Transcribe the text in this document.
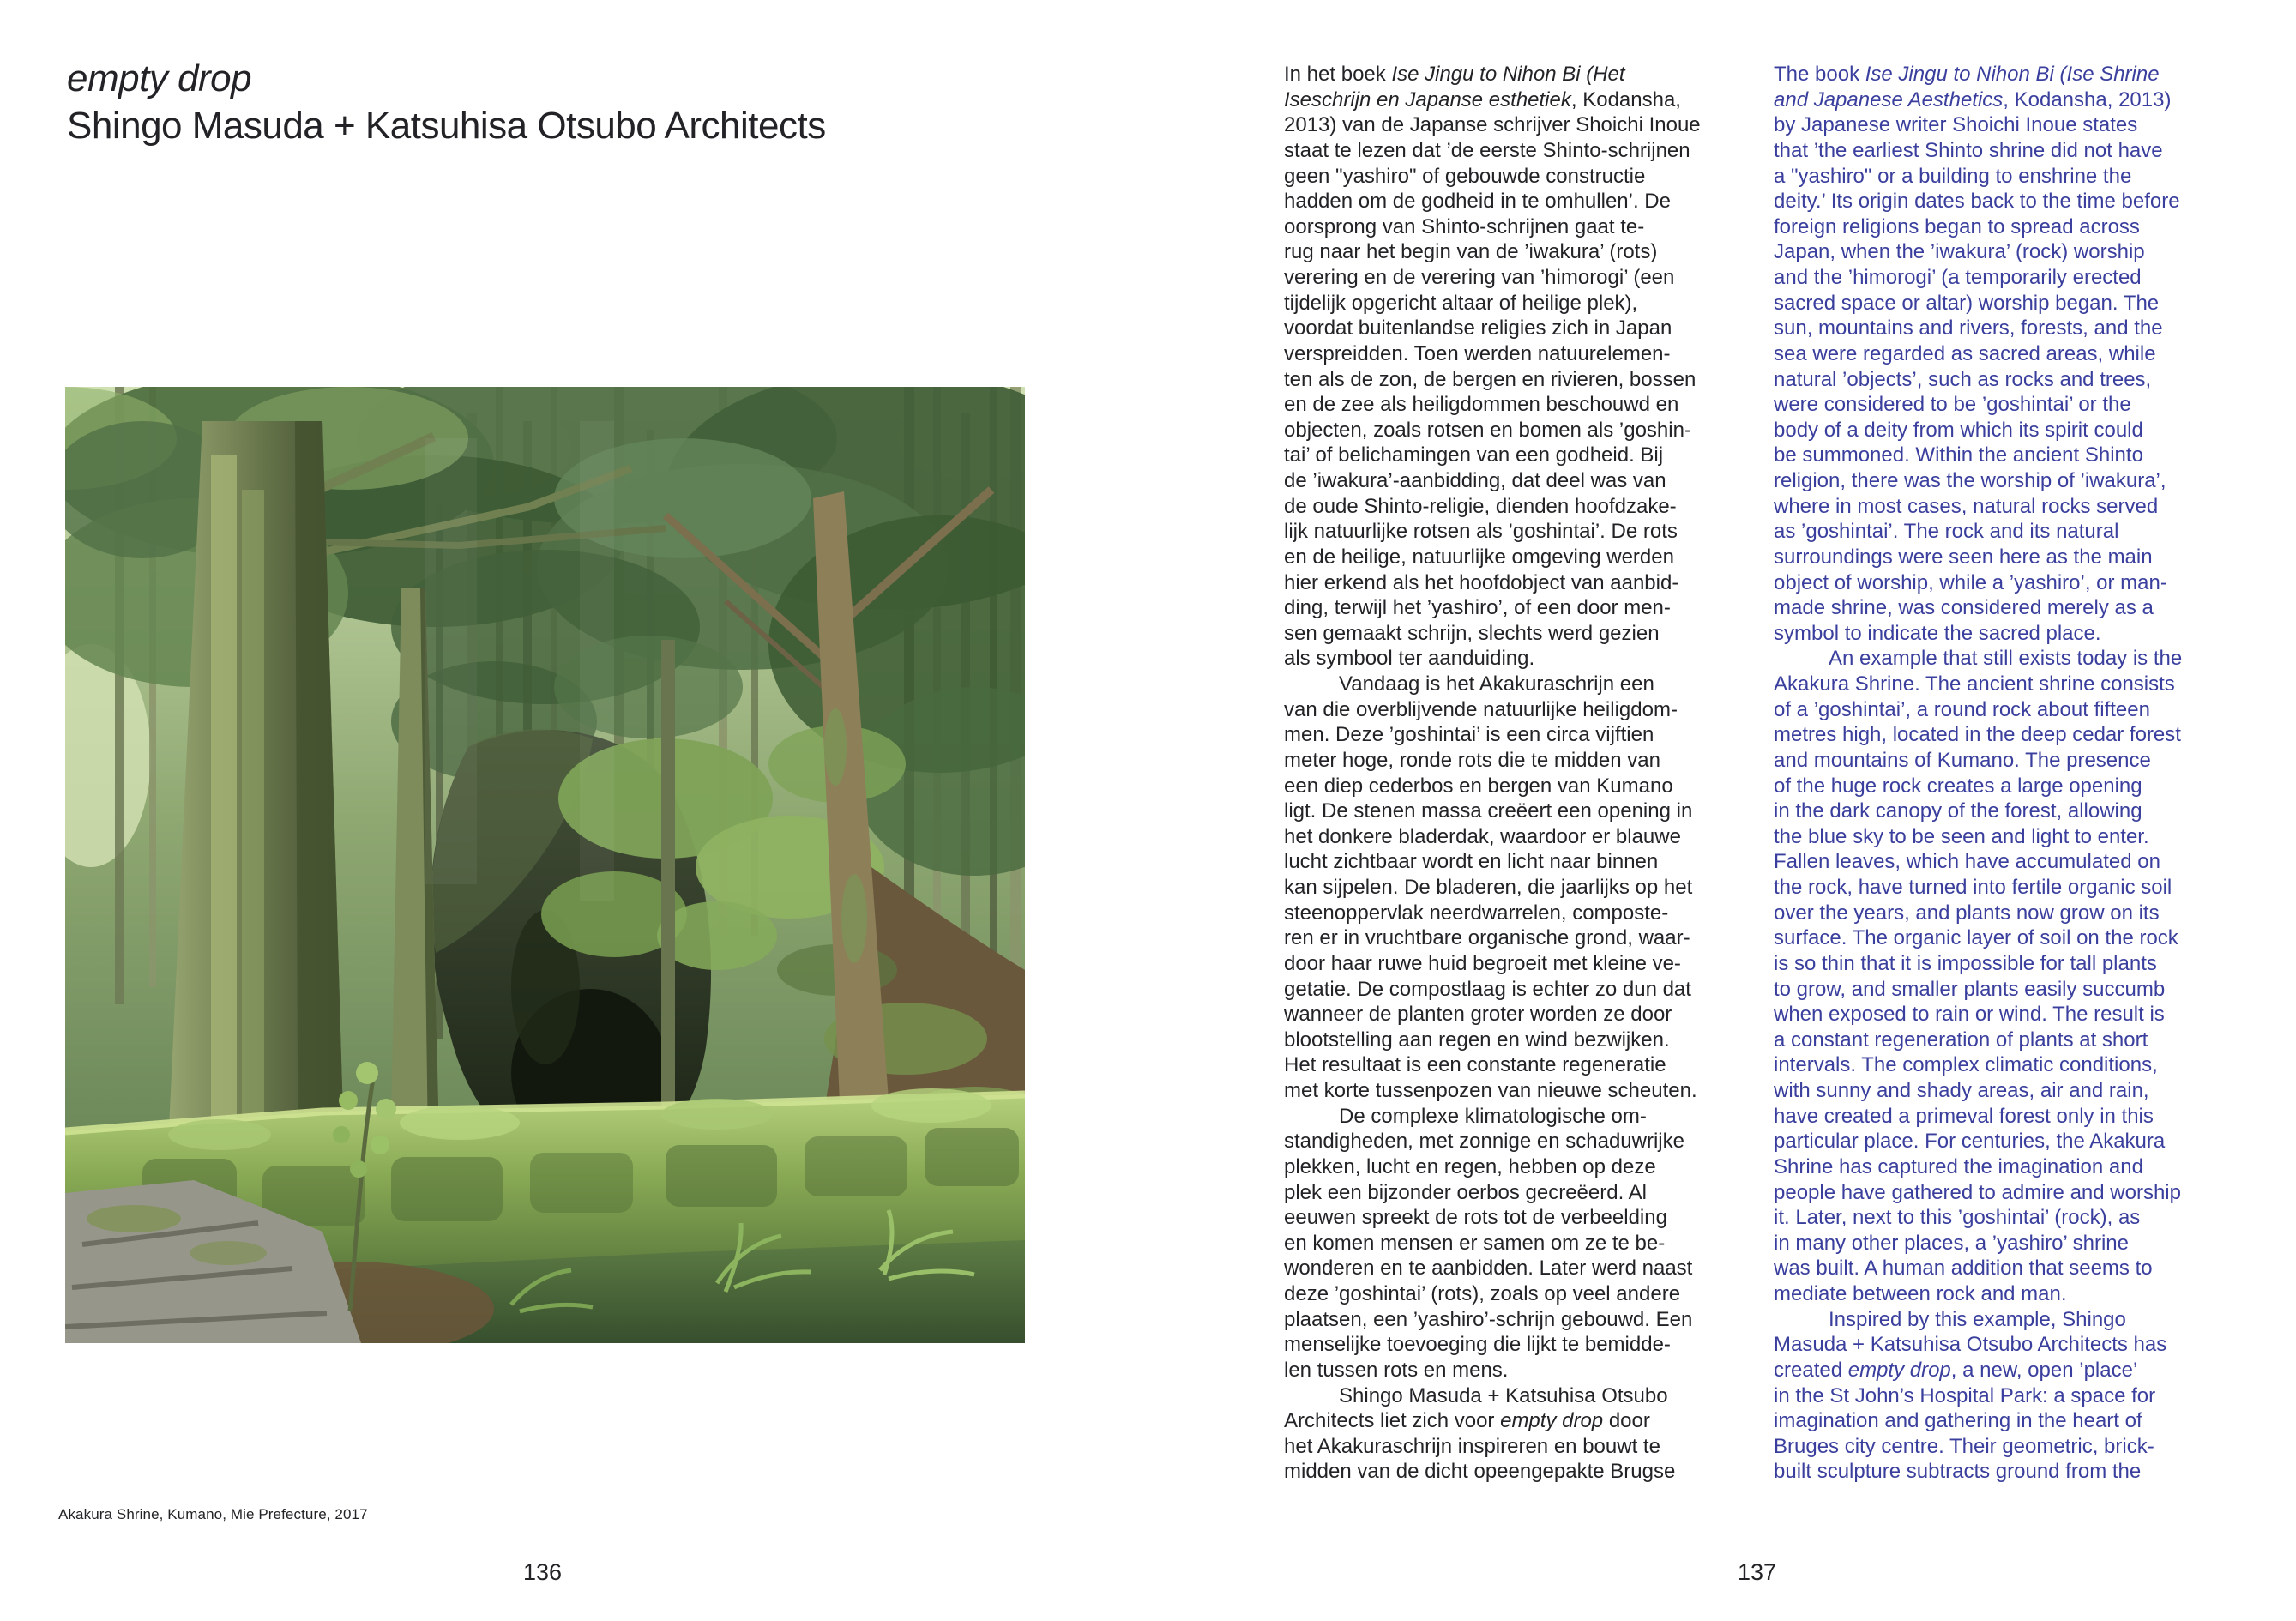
empty drop
Shingo Masuda + Katsuhisa Otsubo Architects
Akakura Shrine, Kumano, Mie Prefecture, 2017
136	137
In het boek Ise Jingu to Nihon Bi (Het
Iseschrijn en Japanse esthetiek, Kodansha,
2013) van de Japanse schrijver Shoichi Inoue
staat te lezen dat ’de eerste Shinto-schrijnen
geen "yashiro" of gebouwde constructie
hadden om de godheid in te omhullen’. De
oorsprong van Shinto-schrijnen gaat te-
rug naar het begin van de ’iwakura’ (rots)
verering en de verering van ’himorogi’ (een
tijdelijk opgericht altaar of heilige plek),
voordat buitenlandse religies zich in Japan
verspreidden. Toen werden natuurelemen-
ten als de zon, de bergen en rivieren, bossen
en de zee als heiligdommen beschouwd en
objecten, zoals rotsen en bomen als ’goshin-
tai’ of belichamingen van een godheid. Bij
de ’iwakura’-aanbidding, dat deel was van
de oude Shinto-religie, dienden hoofdzake-
lijk natuurlijke rotsen als ’goshintai’. De rots
en de heilige, natuurlijke omgeving werden
hier erkend als het hoofdobject van aanbid-
ding, terwijl het ’yashiro’, of een door men-
sen gemaakt schrijn, slechts werd gezien
als symbool ter aanduiding.
Vandaag is het Akakuraschrijn een
van die overblijvende natuurlijke heiligdom-
men. Deze ’goshintai’ is een circa vijftien
meter hoge, ronde rots die te midden van
een diep cederbos en bergen van Kumano
ligt. De stenen massa creëert een opening in
het donkere bladerdak, waardoor er blauwe
lucht zichtbaar wordt en licht naar binnen
kan sijpelen. De bladeren, die jaarlijks op het
steenoppervlak neerdwarrelen, composte-
ren er in vruchtbare organische grond, waar-
door haar ruwe huid begroeit met kleine ve-
getatie. De compostlaag is echter zo dun dat
wanneer de planten groter worden ze door
blootstelling aan regen en wind bezwijken.
Het resultaat is een constante regeneratie
met korte tussenpozen van nieuwe scheuten.
De complexe klimatologische om-
standigheden, met zonnige en schaduwrijke
plekken, lucht en regen, hebben op deze
plek een bijzonder oerbos gecreëerd. Al
eeuwen spreekt de rots tot de verbeelding
en komen mensen er samen om ze te be-
wonderen en te aanbidden. Later werd naast
deze ’goshintai’ (rots), zoals op veel andere
plaatsen, een ’yashiro’-schrijn gebouwd. Een
menselijke toevoeging die lijkt te bemidde-
len tussen rots en mens.
Shingo Masuda + Katsuhisa Otsubo
Architects liet zich voor empty drop door
het Akakuraschrijn inspireren en bouwt te
midden van de dicht opeengepakte Brugse
The book Ise Jingu to Nihon Bi (Ise Shrine
and Japanese Aesthetics, Kodansha, 2013)
by Japanese writer Shoichi Inoue states
that ’the earliest Shinto shrine did not have
a "yashiro" or a building to enshrine the
deity.’ Its origin dates back to the time before
foreign religions began to spread across
Japan, when the ’iwakura’ (rock) worship
and the ’himorogi’ (a temporarily erected
sacred space or altar) worship began. The
sun, mountains and rivers, forests, and the
sea were regarded as sacred areas, while
natural ’objects’, such as rocks and trees,
were considered to be ’goshintai’ or the
body of a deity from which its spirit could
be summoned. Within the ancient Shinto
religion, there was the worship of ’iwakura’,
where in most cases, natural rocks served
as ’goshintai’. The rock and its natural
surroundings were seen here as the main
object of worship, while a ’yashiro’, or man-
made shrine, was considered merely as a
symbol to indicate the sacred place.
An example that still exists today is the
Akakura Shrine. The ancient shrine consists
of a ’goshintai’, a round rock about fifteen
metres high, located in the deep cedar forest
and mountains of Kumano. The presence
of the huge rock creates a large opening
in the dark canopy of the forest, allowing
the blue sky to be seen and light to enter.
Fallen leaves, which have accumulated on
the rock, have turned into fertile organic soil
over the years, and plants now grow on its
surface. The organic layer of soil on the rock
is so thin that it is impossible for tall plants
to grow, and smaller plants easily succumb
when exposed to rain or wind. The result is
a constant regeneration of plants at short
intervals. The complex climatic conditions,
with sunny and shady areas, air and rain,
have created a primeval forest only in this
particular place. For centuries, the Akakura
Shrine has captured the imagination and
people have gathered to admire and worship
it. Later, next to this ’goshintai’ (rock), as
in many other places, a ’yashiro’ shrine
was built. A human addition that seems to
mediate between rock and man.
Inspired by this example, Shingo
Masuda + Katsuhisa Otsubo Architects has
created empty drop, a new, open ’place’
in the St John’s Hospital Park: a space for
imagination and gathering in the heart of
Bruges city centre. Their geometric, brick-
built sculpture subtracts ground from the
